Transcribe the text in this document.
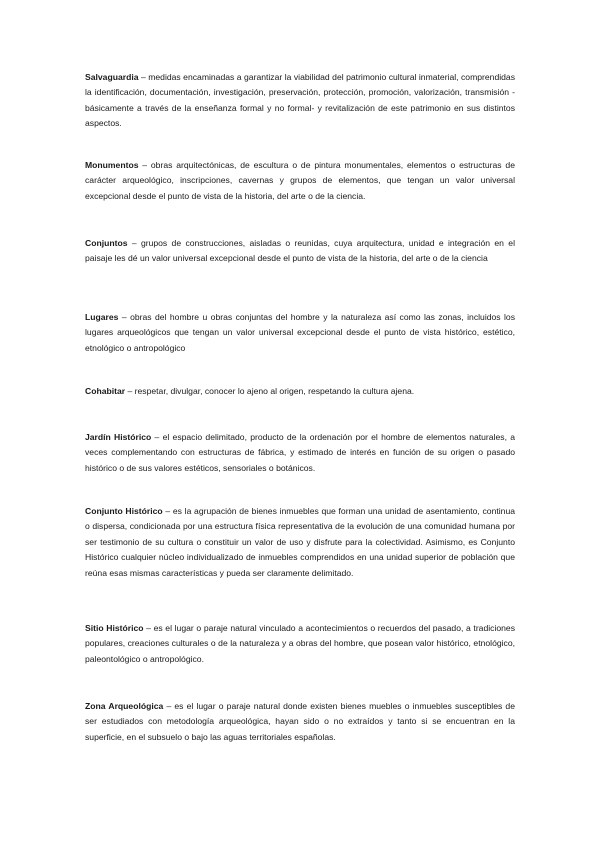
Salvaguardia – medidas encaminadas a garantizar la viabilidad del patrimonio cultural inmaterial, comprendidas la identificación, documentación, investigación, preservación, protección, promoción, valorización, transmisión - básicamente a través de la enseñanza formal y no formal- y revitalización de este patrimonio en sus distintos aspectos.

Monumentos – obras arquitectónicas, de escultura o de pintura monumentales, elementos o estructuras de carácter arqueológico, inscripciones, cavernas y grupos de elementos, que tengan un valor universal excepcional desde el punto de vista de la historia, del arte o de la ciencia.

Conjuntos – grupos de construcciones, aisladas o reunidas, cuya arquitectura, unidad e integración en el paisaje les dé un valor universal excepcional desde el punto de vista de la historia, del arte o de la ciencia

Lugares – obras del hombre u obras conjuntas del hombre y la naturaleza así como las zonas, incluidos los lugares arqueológicos que tengan un valor universal excepcional desde el punto de vista histórico, estético, etnológico o antropológico

Cohabitar – respetar, divulgar, conocer lo ajeno al origen, respetando la cultura ajena.

Jardín Histórico – el espacio delimitado, producto de la ordenación por el hombre de elementos naturales, a veces complementando con estructuras de fábrica, y estimado de interés en función de su origen o pasado histórico o de sus valores estéticos, sensoriales o botánicos.

Conjunto Histórico – es la agrupación de bienes inmuebles que forman una unidad de asentamiento, continua o dispersa, condicionada por una estructura física representativa de la evolución de una comunidad humana por ser testimonio de su cultura o constituir un valor de uso y disfrute para la colectividad. Asimismo, es Conjunto Histórico cualquier núcleo individualizado de inmuebles comprendidos en una unidad superior de población que reúna esas mismas características y pueda ser claramente delimitado.

Sitio Histórico – es el lugar o paraje natural vinculado a acontecimientos o recuerdos del pasado, a tradiciones populares, creaciones culturales o de la naturaleza y a obras del hombre, que posean valor histórico, etnológico, paleontológico o antropológico.

Zona Arqueológica – es el lugar o paraje natural donde existen bienes muebles o inmuebles susceptibles de ser estudiados con metodología arqueológica, hayan sido o no extraídos y tanto si se encuentran en la superficie, en el subsuelo o bajo las aguas territoriales españolas.
